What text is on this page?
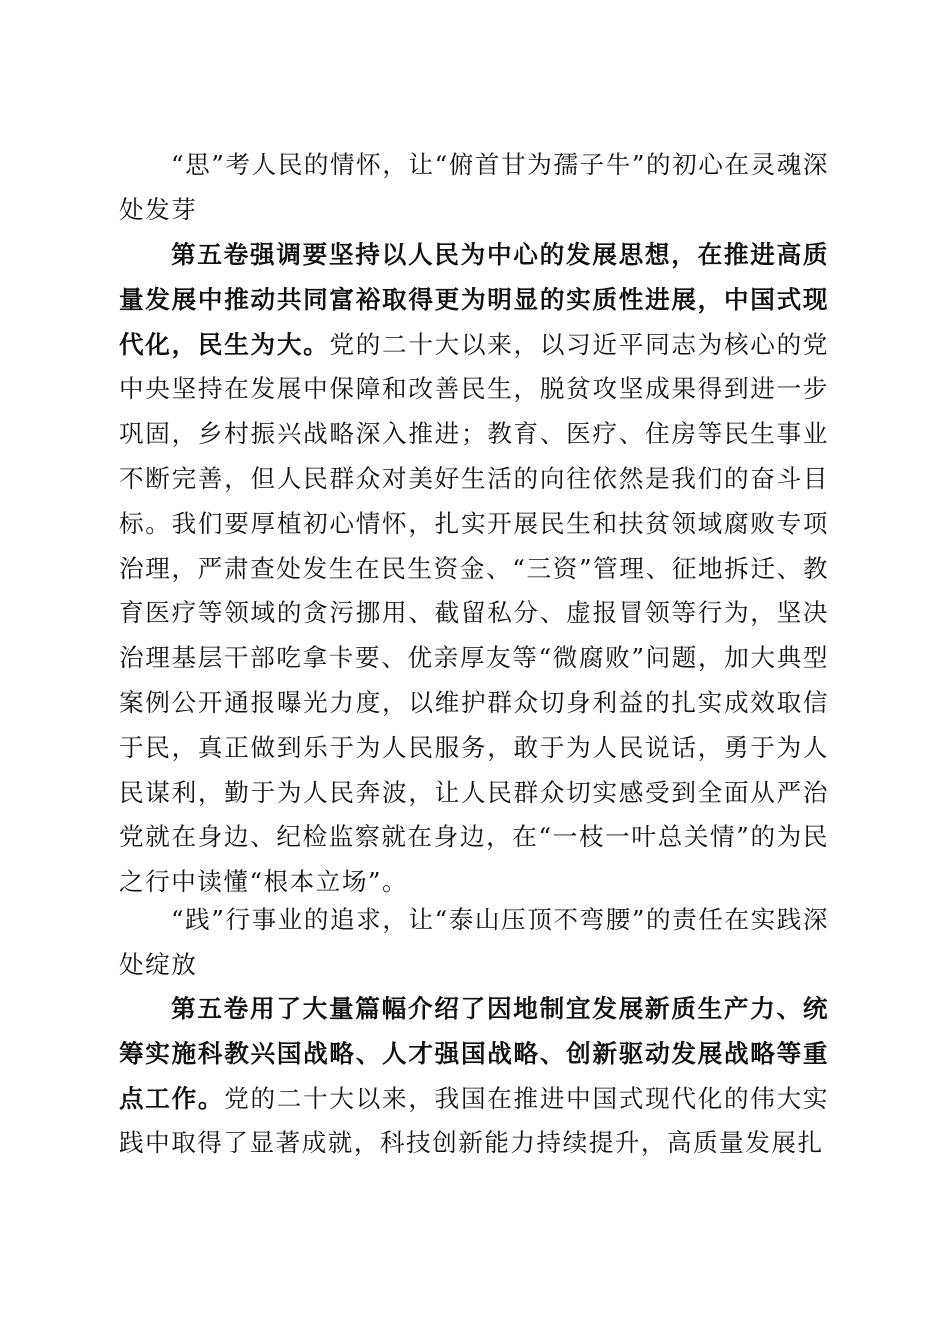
“思”考人民的情怀，让“俯首甘为孺子牛”的初心在灵魂深处发芽

第五卷强调要坚持以人民为中心的发展思想，在推进高质量发展中推动共同富裕取得更为明显的实质性进展，中国式现代化，民生为大。党的二十大以来，以习近平同志为核心的党中央坚持在发展中保障和改善民生，脱贫攻坚成果得到进一步巩固，乡村振兴战略深入推进；教育、医疗、住房等民生事业不断完善，但人民群众对美好生活的向往依然是我们的奋斗目标。我们要厚植初心情怀，扎实开展民生和扶贫领域腐败专项治理，严肃查处发生在民生资金、“三资”管理、征地拆迁、教育医疗等领域的贪污挪用、截留私分、虚报冒领等行为，坚决治理基层干部吃拿卡要、优亲厚友等“微腐败”问题，加大典型案例公开通报曝光力度，以维护群众切身利益的扎实成效取信于民，真正做到乐于为人民服务，敢于为人民说话，勇于为人民谋利，勤于为人民奔波，让人民群众切实感受到全面从严治党就在身边、纪检监察就在身边，在“一枝一叶总关情”的为民之行中读懂“根本立场”。

“践”行事业的追求，让“泰山压顶不弯腰”的责任在实践深处绽放

第五卷用了大量篇幅介绍了因地制宜发展新质生产力、统筹实施科教兴国战略、人才强国战略、创新驱动发展战略等重点工作。党的二十大以来，我国在推进中国式现代化的伟大实践中取得了显著成就，科技创新能力持续提升，高质量发展扎
